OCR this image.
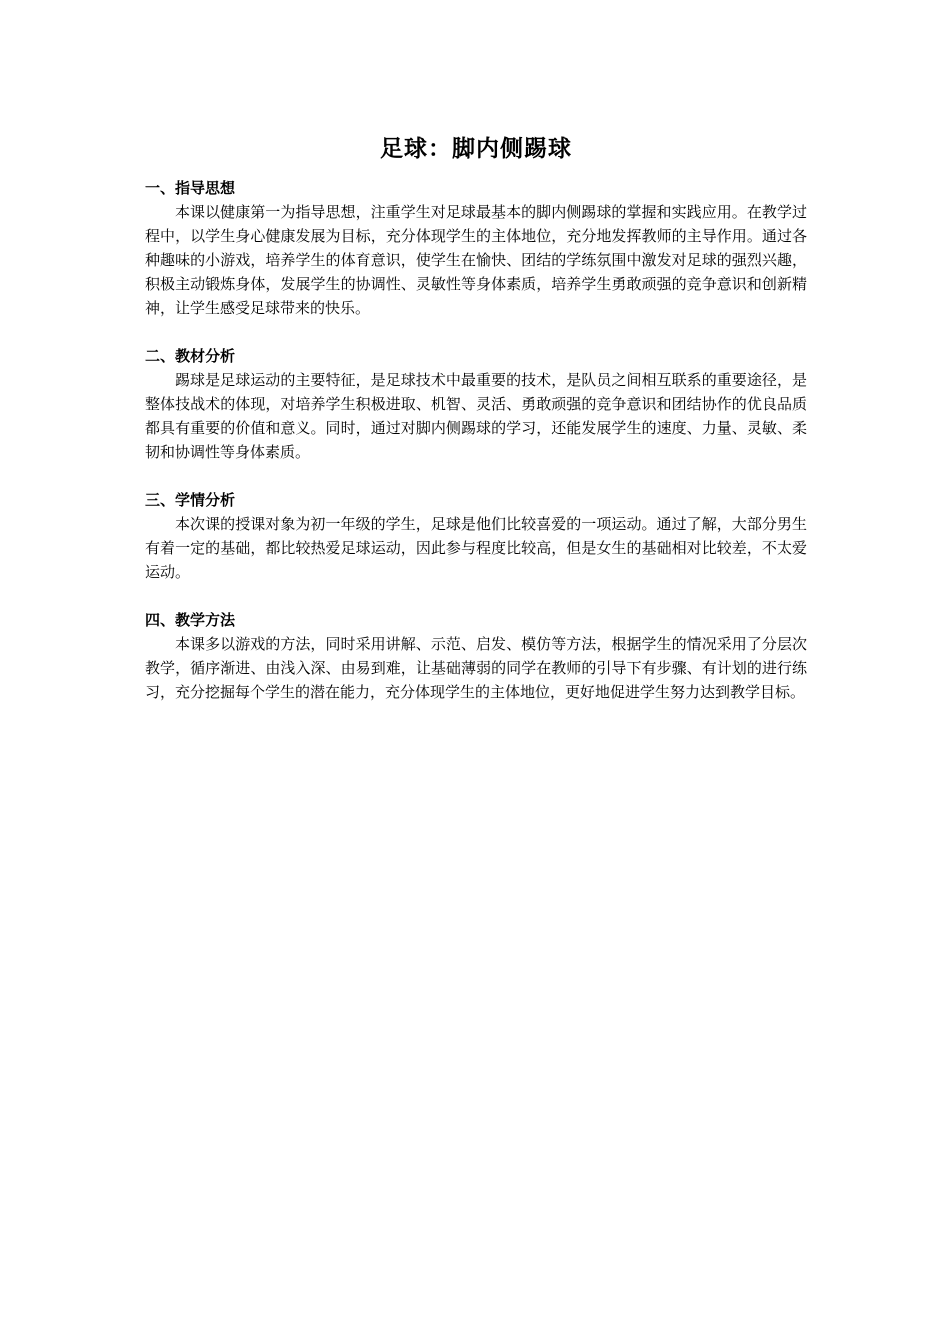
足球：脚内侧踢球

一、指导思想

本课以健康第一为指导思想，注重学生对足球最基本的脚内侧踢球的掌握和实践应用。在教学过程中，以学生身心健康发展为目标，充分体现学生的主体地位，充分地发挥教师的主导作用。通过各种趣味的小游戏，培养学生的体育意识，使学生在愉快、团结的学练氛围中激发对足球的强烈兴趣，积极主动锻炼身体，发展学生的协调性、灵敏性等身体素质，培养学生勇敢顽强的竞争意识和创新精神，让学生感受足球带来的快乐。

二、教材分析

踢球是足球运动的主要特征，是足球技术中最重要的技术，是队员之间相互联系的重要途径，是整体技战术的体现，对培养学生积极进取、机智、灵活、勇敢顽强的竞争意识和团结协作的优良品质都具有重要的价值和意义。同时，通过对脚内侧踢球的学习，还能发展学生的速度、力量、灵敏、柔韧和协调性等身体素质。

三、学情分析

本次课的授课对象为初一年级的学生，足球是他们比较喜爱的一项运动。通过了解，大部分男生有着一定的基础，都比较热爱足球运动，因此参与程度比较高，但是女生的基础相对比较差，不太爱运动。

四、教学方法

本课多以游戏的方法，同时采用讲解、示范、启发、模仿等方法，根据学生的情况采用了分层次教学，循序渐进、由浅入深、由易到难，让基础薄弱的同学在教师的引导下有步骤、有计划的进行练习，充分挖掘每个学生的潜在能力，充分体现学生的主体地位，更好地促进学生努力达到教学目标。
